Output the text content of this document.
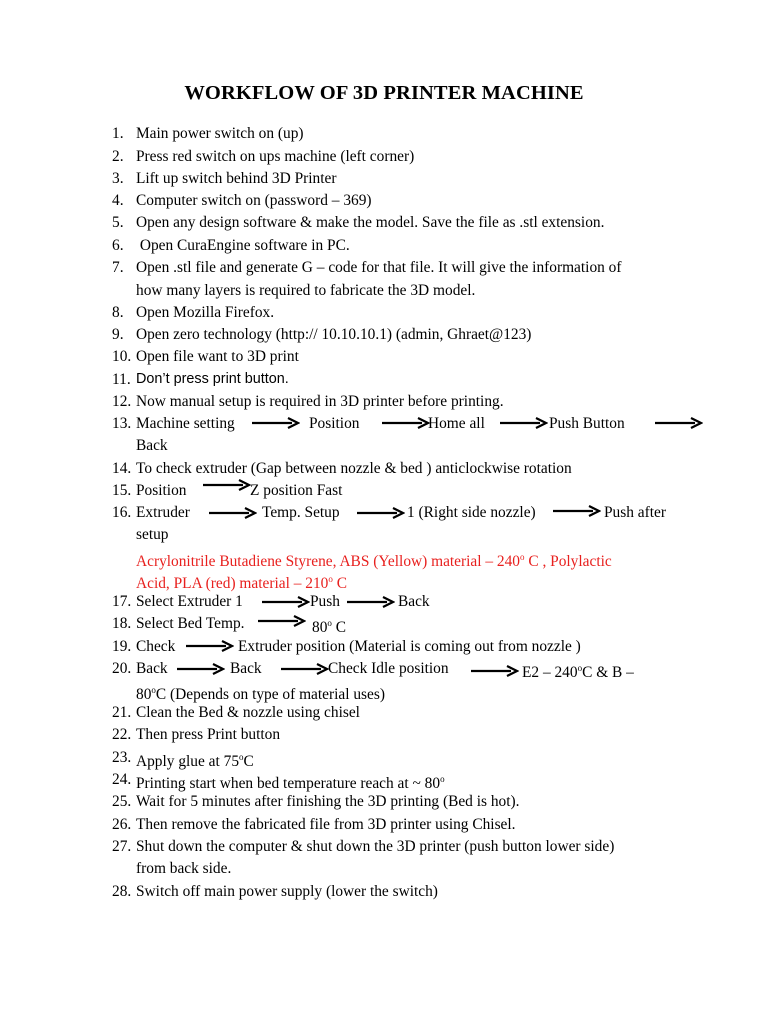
WORKFLOW OF 3D PRINTER MACHINE
1. Main power switch on (up)
2. Press red switch on ups machine (left corner)
3. Lift up switch behind 3D Printer
4. Computer switch on (password – 369)
5. Open any design software & make the model. Save the file as .stl extension.
6. Open CuraEngine software in PC.
7. Open .stl file and generate G – code for that file. It will give the information of
how many layers is required to fabricate the 3D model.
8. Open Mozilla Firefox.
9. Open zero technology (http:// 10.10.10.1) (admin, Ghraet@123)
10. Open file want to 3D print
11. Don’t press print button.
12. Now manual setup is required in 3D printer before printing.
13. Machine setting	Position	Home all	Push Button
Back
14. To check extruder (Gap between nozzle & bed ) anticlockwise rotation
15. Position	Z position Fast
16. Extruder	Temp. Setup	1 (Right side nozzle)	Push after
setup
Acrylonitrile Butadiene Styrene, ABS (Yellow) material – 240$^o$ C , Polylactic
Acid, PLA (red) material – 210$^o$ C
17. Select Extruder 1	Push	Back
18. Select Bed Temp.	80$^o$ C
19. Check	Extruder position (Material is coming out from nozzle )
20. Back	Back	Check Idle position	E2 – 240$^o$C & B –
80$^o$C (Depends on type of material uses)
21. Clean the Bed & nozzle using chisel
22. Then press Print button
23. Apply glue at 75$^o$C
24. Printing start when bed temperature reach at ~ 80$^o$
25. Wait for 5 minutes after finishing the 3D printing (Bed is hot).
26. Then remove the fabricated file from 3D printer using Chisel.
27. Shut down the computer & shut down the 3D printer (push button lower side)
from back side.
28. Switch off main power supply (lower the switch)
